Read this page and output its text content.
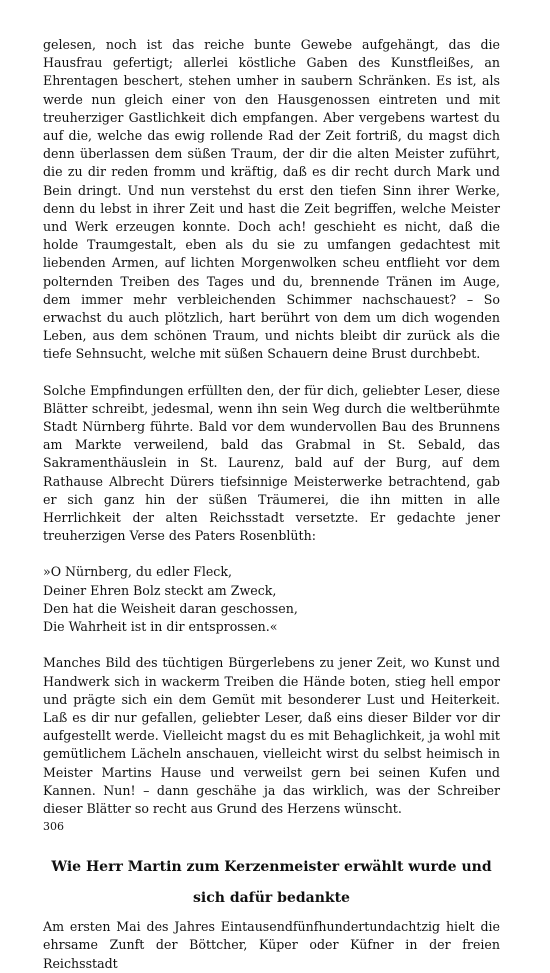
gelesen, noch ist das reiche bunte Gewebe aufgehängt, das die Hausfrau gefertigt; allerlei köstliche Gaben des Kunstfleißes, an Ehrentagen beschert, stehen umher in saubern Schränken. Es ist, als werde nun gleich einer von den Hausgenossen eintreten und mit treuherziger Gastlichkeit dich empfangen. Aber vergebens wartest du auf die, welche das ewig rollende Rad der Zeit fortriß, du magst dich denn überlassen dem süßen Traum, der dir die alten Meister zuführt, die zu dir reden fromm und kräftig, daß es dir recht durch Mark und Bein dringt. Und nun verstehst du erst den tiefen Sinn ihrer Werke, denn du lebst in ihrer Zeit und hast die Zeit begriffen, welche Meister und Werk erzeugen konnte. Doch ach! geschieht es nicht, daß die holde Traumgestalt, eben als du sie zu umfangen gedachtest mit liebenden Armen, auf lichten Morgenwolken scheu entflieht vor dem polternden Treiben des Tages und du, brennende Tränen im Auge, dem immer mehr verbleichenden Schimmer nachschauest? – So erwachst du auch plötzlich, hart berührt von dem um dich wogenden Leben, aus dem schönen Traum, und nichts bleibt dir zurück als die tiefe Sehnsucht, welche mit süßen Schauern deine Brust durchbebt.

Solche Empfindungen erfüllten den, der für dich, geliebter Leser, diese Blätter schreibt, jedesmal, wenn ihn sein Weg durch die weltberühmte Stadt Nürnberg führte. Bald vor dem wundervollen Bau des Brunnens am Markte verweilend, bald das Grabmal in St. Sebald, das Sakramenthäuslein in St. Laurenz, bald auf der Burg, auf dem Rathause Albrecht Dürers tiefsinnige Meisterwerke betrachtend, gab er sich ganz hin der süßen Träumerei, die ihn mitten in alle Herrlichkeit der alten Reichsstadt versetzte. Er gedachte jener treuherzigen Verse des Paters Rosenblüth:

»O Nürnberg, du edler Fleck,
Deiner Ehren Bolz steckt am Zweck,
Den hat die Weisheit daran geschossen,
Die Wahrheit ist in dir entsprossen.«

Manches Bild des tüchtigen Bürgerlebens zu jener Zeit, wo Kunst und Handwerk sich in wackerm Treiben die Hände boten, stieg hell empor und prägte sich ein dem Gemüt mit besonderer Lust und Heiterkeit. Laß es dir nur gefallen, geliebter Leser, daß eins dieser Bilder vor dir aufgestellt werde. Vielleicht magst du es mit Behaglichkeit, ja wohl mit gemütlichem Lächeln anschauen, vielleicht wirst du selbst heimisch in Meister Martins Hause und verweilst gern bei seinen Kufen und Kannen. Nun! – dann geschähe ja das wirklich, was der Schreiber dieser Blätter so recht aus Grund des Herzens wünscht.

Wie Herr Martin zum Kerzenmeister erwählt wurde und
sich dafür bedankte

Am ersten Mai des Jahres Eintausendfünfhundertundachtzig hielt die ehrsame Zunft der Böttcher, Küper oder Küfner in der freien Reichsstadt

306
